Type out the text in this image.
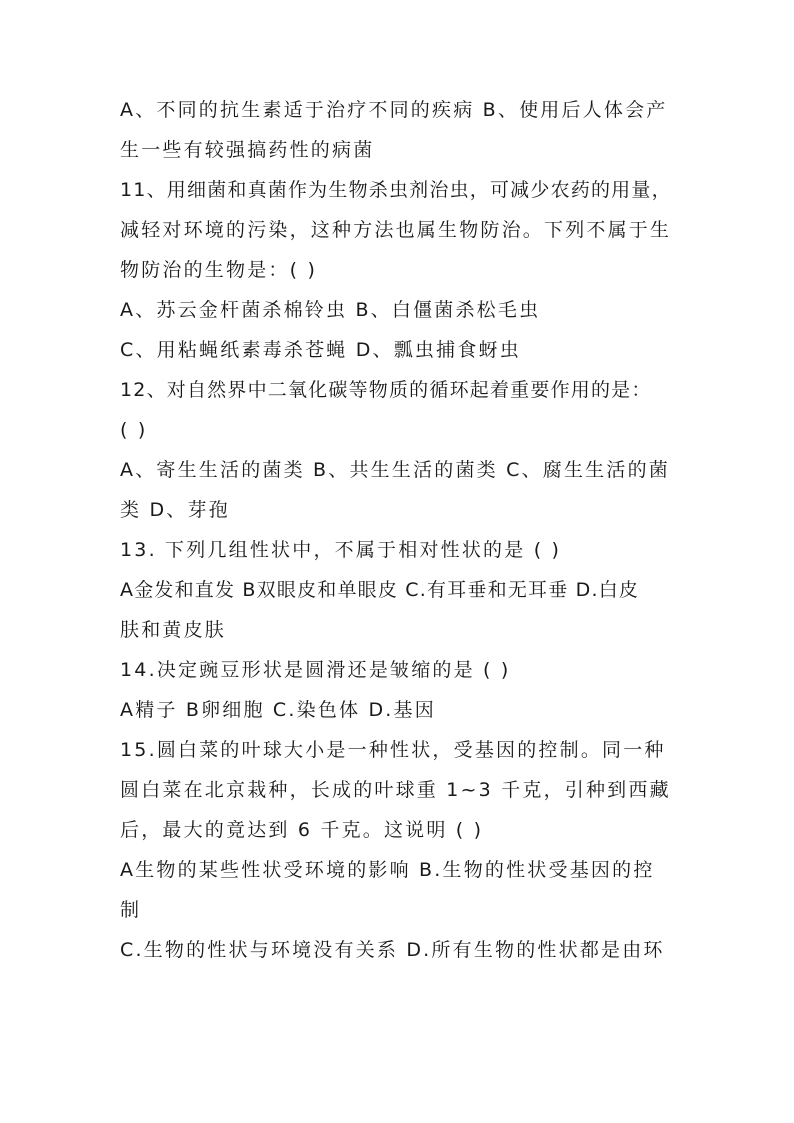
A、不同的抗生素适于治疗不同的疾病 B、使用后人体会产
生一些有较强搞药性的病菌
11、用细菌和真菌作为生物杀虫剂治虫，可减少农药的用量，
减轻对环境的污染，这种方法也属生物防治。下列不属于生
物防治的生物是：( )
A、苏云金杆菌杀棉铃虫 B、白僵菌杀松毛虫
C、用粘蝇纸素毒杀苍蝇 D、瓢虫捕食蚜虫
12、对自然界中二氧化碳等物质的循环起着重要作用的是：
( )
A、寄生生活的菌类 B、共生生活的菌类 C、腐生生活的菌
类 D、芽孢
13. 下列几组性状中，不属于相对性状的是 ( )
A金发和直发 B双眼皮和单眼皮 C.有耳垂和无耳垂 D.白皮
肤和黄皮肤
14.决定豌豆形状是圆滑还是皱缩的是 ( )
A精子 B卵细胞 C.染色体 D.基因
15.圆白菜的叶球大小是一种性状，受基因的控制。同一种
圆白菜在北京栽种，长成的叶球重 1~3 千克，引种到西藏
后，最大的竟达到 6 千克。这说明 ( )
A生物的某些性状受环境的影响 B.生物的性状受基因的控
制
C.生物的性状与环境没有关系 D.所有生物的性状都是由环
